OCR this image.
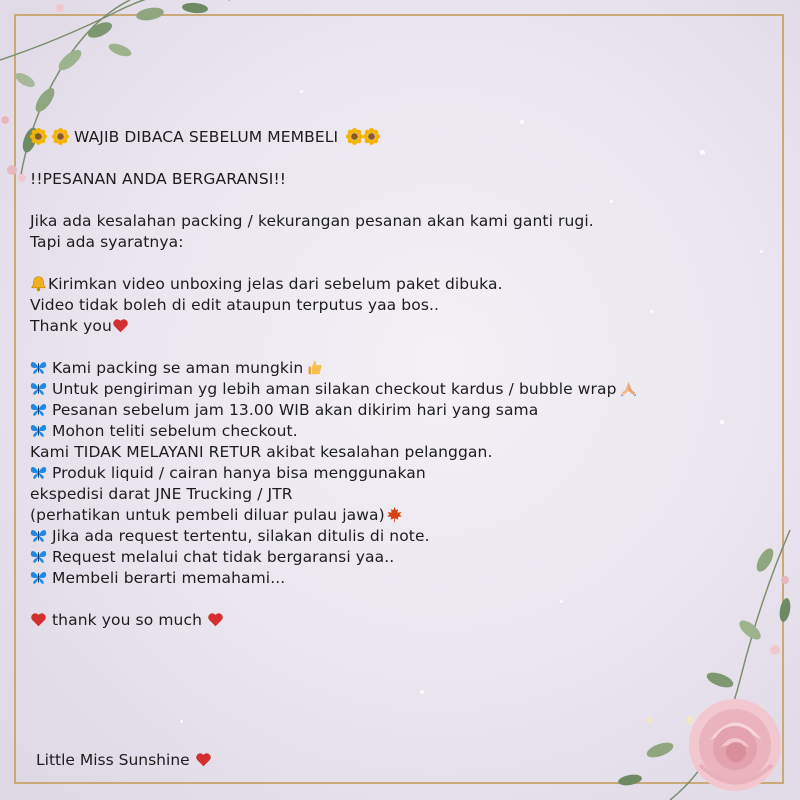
WAJIB DIBACA SEBELUM MEMBELI
!!PESANAN ANDA BERGARANSI!!
Jika ada kesalahan packing / kekurangan pesanan akan kami ganti rugi.
Tapi ada syaratnya:
Kirimkan video unboxing jelas dari sebelum paket dibuka.
Video tidak boleh di edit ataupun terputus yaa bos..
Thank you
Kami packing se aman mungkin
Untuk pengiriman yg lebih aman silakan checkout kardus / bubble wrap
Pesanan sebelum jam 13.00 WIB akan dikirim hari yang sama
Mohon teliti sebelum checkout.
Kami TIDAK MELAYANI RETUR akibat kesalahan pelanggan.
Produk liquid / cairan hanya bisa menggunakan
ekspedisi darat JNE Trucking / JTR
(perhatikan untuk pembeli diluar pulau jawa)
Jika ada request tertentu, silakan ditulis di note.
Request melalui chat tidak bergaransi yaa..
Membeli berarti memahami...
thank you so much
Little Miss Sunshine
